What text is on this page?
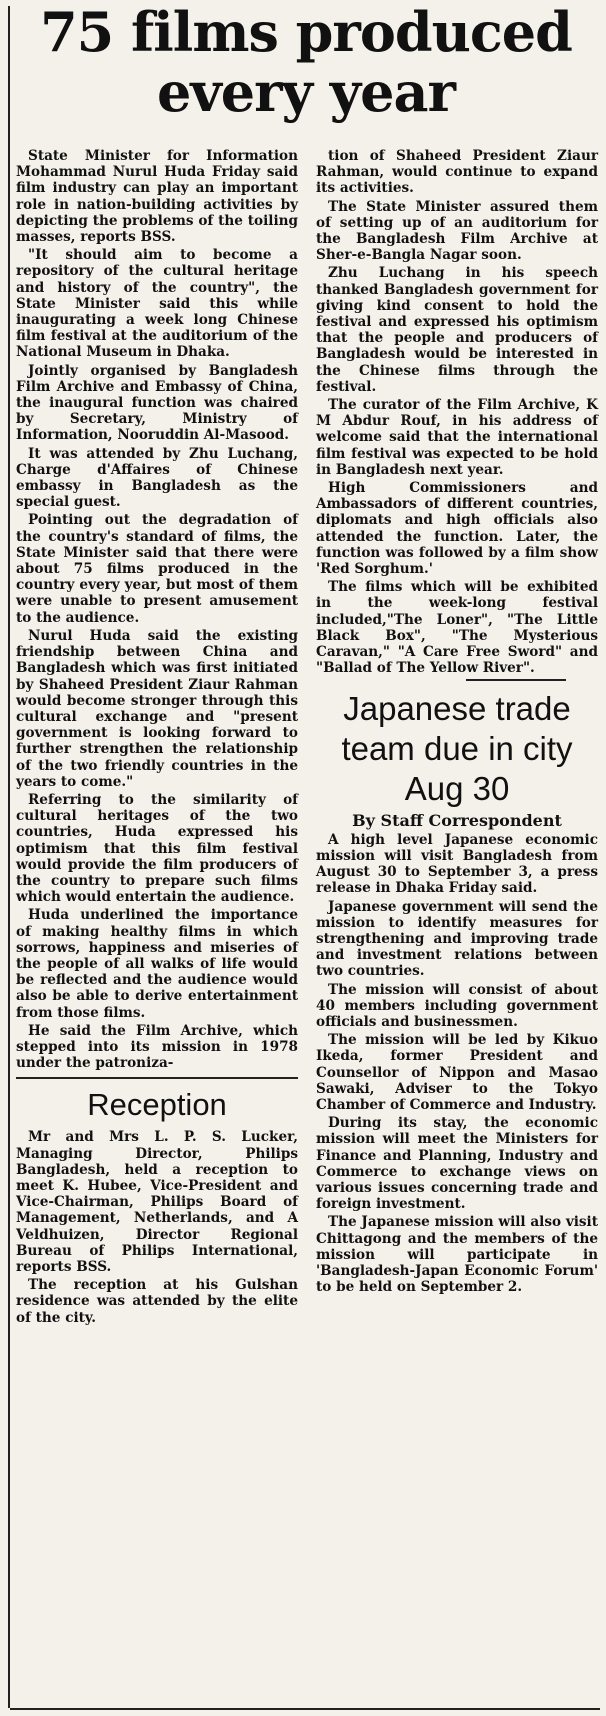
75 films produced every year

State Minister for Information Mohammad Nurul Huda Friday said film industry can play an important role in nation-building activities by depicting the problems of the toiling masses, reports BSS.

"It should aim to become a repository of the cultural heritage and history of the country", the State Minister said this while inaugurating a week long Chinese film festival at the auditorium of the National Museum in Dhaka.

Jointly organised by Bangladesh Film Archive and Embassy of China, the inaugural function was chaired by Secretary, Ministry of Information, Nooruddin Al-Masood.

It was attended by Zhu Luchang, Charge d'Affaires of Chinese embassy in Bangladesh as the special guest.

Pointing out the degradation of the country's standard of films, the State Minister said that there were about 75 films produced in the country every year, but most of them were unable to present amusement to the audience.

Nurul Huda said the existing friendship between China and Bangladesh which was first initiated by Shaheed President Ziaur Rahman would become stronger through this cultural exchange and "present government is looking forward to further strengthen the relationship of the two friendly countries in the years to come."

Referring to the similarity of cultural heritages of the two countries, Huda expressed his optimism that this film festival would provide the film producers of the country to prepare such films which would entertain the audience.

Huda underlined the importance of making healthy films in which sorrows, happiness and miseries of the people of all walks of life would be reflected and the audience would also be able to derive entertainment from those films.

He said the Film Archive, which stepped into its mission in 1978 under the patroniza-

Reception

Mr and Mrs L. P. S. Lucker, Managing Director, Philips Bangladesh, held a reception to meet K. Hubee, Vice-President and Vice-Chairman, Philips Board of Management, Netherlands, and A Veldhuizen, Director Regional Bureau of Philips International, reports BSS.

The reception at his Gulshan residence was attended by the elite of the city.

tion of Shaheed President Ziaur Rahman, would continue to expand its activities.

The State Minister assured them of setting up of an auditorium for the Bangladesh Film Archive at Sher-e-Bangla Nagar soon.

Zhu Luchang in his speech thanked Bangladesh government for giving kind consent to hold the festival and expressed his optimism that the people and producers of Bangladesh would be interested in the Chinese films through the festival.

The curator of the Film Archive, K M Abdur Rouf, in his address of welcome said that the international film festival was expected to be hold in Bangladesh next year.

High Commissioners and Ambassadors of different countries, diplomats and high officials also attended the function. Later, the function was followed by a film show 'Red Sorghum.'

The films which will be exhibited in the week-long festival included,"The Loner", "The Little Black Box", "The Mysterious Caravan," "A Care Free Sword" and "Ballad of The Yellow River".

Japanese trade team due in city Aug 30
By Staff Correspondent

A high level Japanese economic mission will visit Bangladesh from August 30 to September 3, a press release in Dhaka Friday said.

Japanese government will send the mission to identify measures for strengthening and improving trade and investment relations between two countries.

The mission will consist of about 40 members including government officials and businessmen.

The mission will be led by Kikuo Ikeda, former President and Counsellor of Nippon and Masao Sawaki, Adviser to the Tokyo Chamber of Commerce and Industry.

During its stay, the economic mission will meet the Ministers for Finance and Planning, Industry and Commerce to exchange views on various issues concerning trade and foreign investment.

The Japanese mission will also visit Chittagong and the members of the mission will participate in 'Bangladesh-Japan Economic Forum' to be held on September 2.
